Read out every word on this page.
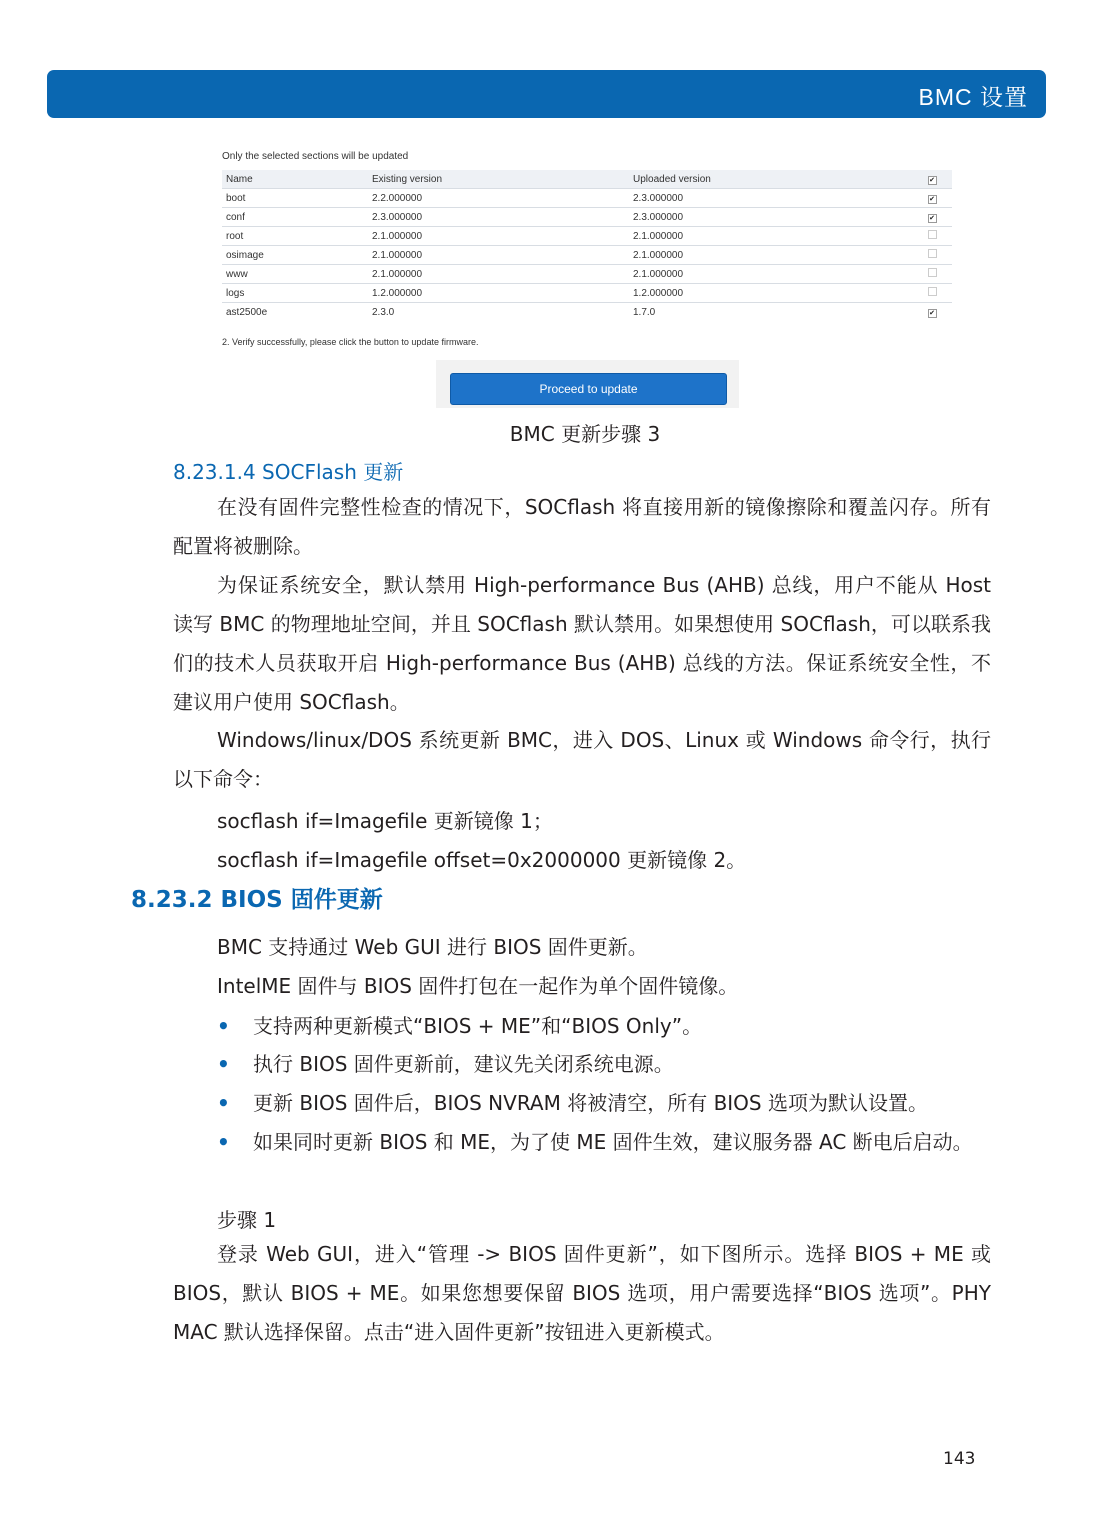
BMC 设置
Only the selected sections will be updated
Name	Existing version	Uploaded version	✔
boot	2.2.000000	2.3.000000	✔
conf	2.3.000000	2.3.000000	✔
root	2.1.000000	2.1.000000	
osimage	2.1.000000	2.1.000000	
www	2.1.000000	2.1.000000	
logs	1.2.000000	1.2.000000	
ast2500e	2.3.0	1.7.0	✔
2. Verify successfully, please click the button to update firmware.
Proceed to update
BMC 更新步骤 3
8.23.1.4 SOCFlash 更新
在没有固件完整性检查的情况下，SOCflash 将直接用新的镜像擦除和覆盖闪存。所有配置将被删除。
为保证系统安全，默认禁用 High-performance Bus (AHB) 总线，用户不能从 Host 读写 BMC 的物理地址空间，并且 SOCflash 默认禁用。如果想使用 SOCflash，可以联系我们的技术人员获取开启 High-performance Bus (AHB) 总线的方法。保证系统安全性，不建议用户使用 SOCflash。
Windows/linux/DOS 系统更新 BMC，进入 DOS、Linux 或 Windows 命令行，执行以下命令：
socflash if=Imagefile 更新镜像 1；
socflash if=Imagefile offset=0x2000000 更新镜像 2。
8.23.2 BIOS 固件更新
BMC 支持通过 Web GUI 进行 BIOS 固件更新。
IntelME 固件与 BIOS 固件打包在一起作为单个固件镜像。
• 支持两种更新模式“BIOS + ME”和“BIOS Only”。
• 执行 BIOS 固件更新前，建议先关闭系统电源。
• 更新 BIOS 固件后，BIOS NVRAM 将被清空，所有 BIOS 选项为默认设置。
• 如果同时更新 BIOS 和 ME，为了使 ME 固件生效，建议服务器 AC 断电后启动。
步骤 1
登录 Web GUI，进入“管理 -> BIOS 固件更新”，如下图所示。选择 BIOS + ME 或 BIOS，默认 BIOS + ME。如果您想要保留 BIOS 选项，用户需要选择“BIOS 选项”。PHY MAC 默认选择保留。点击“进入固件更新”按钮进入更新模式。
143
